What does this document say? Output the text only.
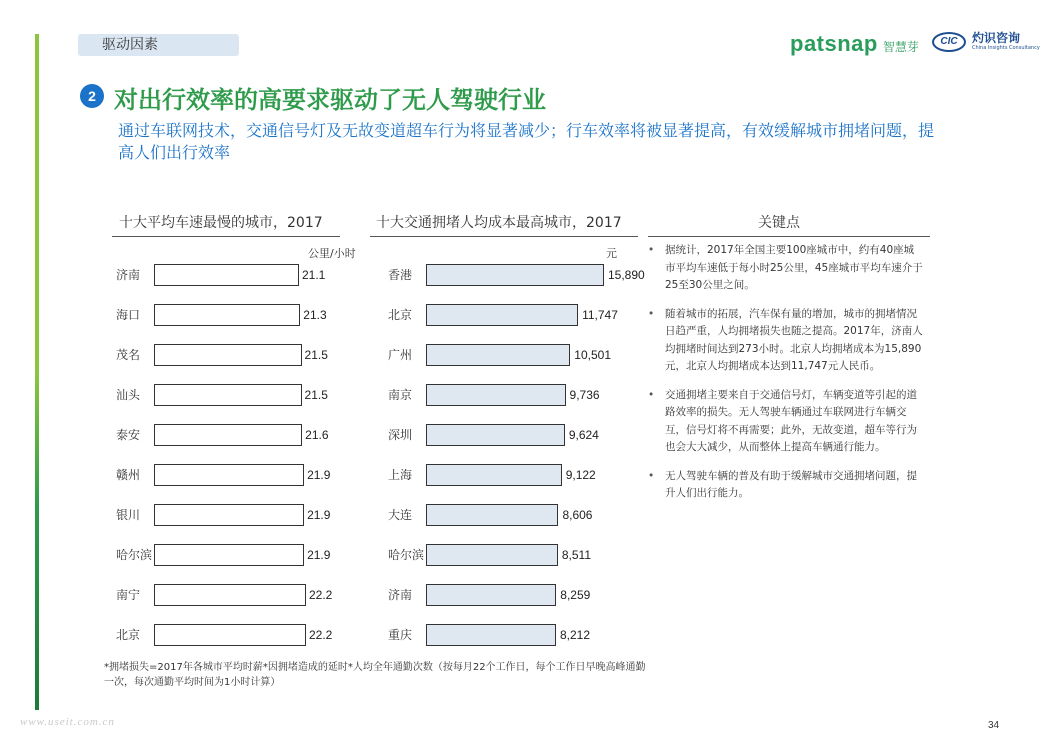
驱动因素	patsnap 智慧芽	CIC	灼识咨询
China Insights Consultancy
2 对出行效率的高要求驱动了无人驾驶行业
通过车联网技术，交通信号灯及无故变道超车行为将显著减少；行车效率将被显著提高，有效缓解城市拥堵问题，提高人们出行效率
十大平均车速最慢的城市，2017	十大交通拥堵人均成本最高城市，2017	关键点
公里/小时	元
济南	21.1
海口	21.3
茂名	21.5
汕头	21.5
泰安	21.6
赣州	21.9
银川	21.9
哈尔滨	21.9
南宁	22.2
北京	22.2
香港	15,890
北京	11,747
广州	10,501
南京	9,736
深圳	9,624
上海	9,122
大连	8,606
哈尔滨	8,511
济南	8,259
重庆	8,212
• 据统计，2017年全国主要100座城市中，约有40座城市平均车速低于每小时25公里，45座城市平均车速介于25至30公里之间。
• 随着城市的拓展，汽车保有量的增加，城市的拥堵情况日趋严重，人均拥堵损失也随之提高。2017年，济南人均拥堵时间达到273小时。北京人均拥堵成本为15,890元，北京人均拥堵成本达到11,747元人民币。
• 交通拥堵主要来自于交通信号灯，车辆变道等引起的道路效率的损失。无人驾驶车辆通过车联网进行车辆交互，信号灯将不再需要；此外，无故变道，超车等行为也会大大减少，从而整体上提高车辆通行能力。
• 无人驾驶车辆的普及有助于缓解城市交通拥堵问题，提升人们出行能力。
*拥堵损失=2017年各城市平均时薪*因拥堵造成的延时*人均全年通勤次数（按每月22个工作日，每个工作日早晚高峰通勤一次，每次通勤平均时间为1小时计算）
www.useit.com.cn	34
